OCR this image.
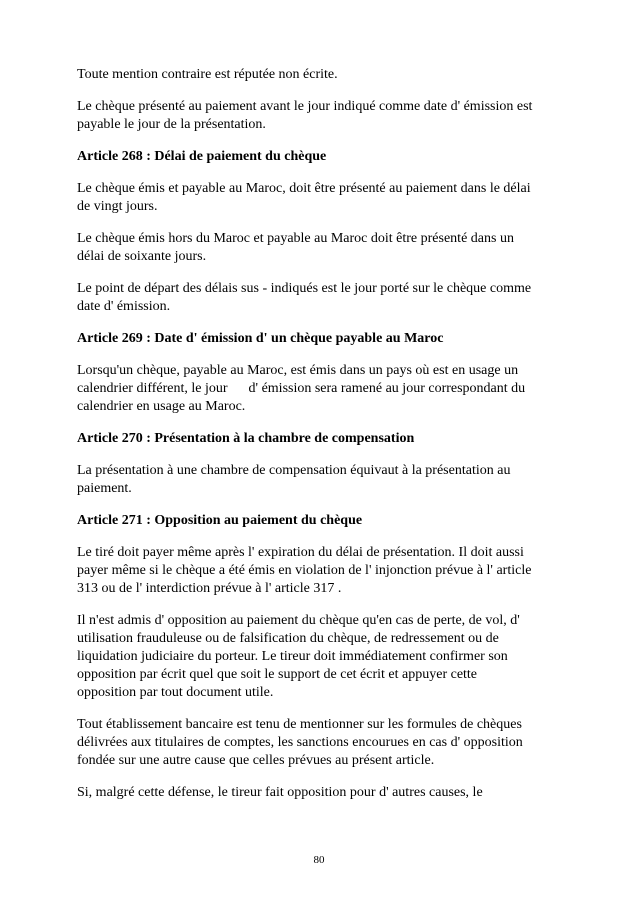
Toute mention contraire est réputée non écrite.

Le chèque présenté au paiement avant le jour indiqué comme date d' émission est
payable le jour de la présentation.

Article 268 : Délai de paiement du chèque

Le chèque émis et payable au Maroc, doit être présenté au paiement dans le délai
de vingt jours.

Le chèque émis hors du Maroc et payable au Maroc doit être présenté dans un
délai de soixante jours.

Le point de départ des délais sus - indiqués est le jour porté sur le chèque comme
date d' émission.

Article 269 : Date d' émission d' un chèque payable au Maroc

Lorsqu'un chèque, payable au Maroc, est émis dans un pays où est en usage un
calendrier différent, le jour      d' émission sera ramené au jour correspondant du
calendrier en usage au Maroc.

Article 270 : Présentation à la chambre de compensation

La présentation à une chambre de compensation équivaut à la présentation au
paiement.

Article 271 : Opposition au paiement du chèque

Le tiré doit payer même après l' expiration du délai de présentation. Il doit aussi
payer même si le chèque a été émis en violation de l' injonction prévue à l' article
313 ou de l' interdiction prévue à l' article 317 .

Il n'est admis d' opposition au paiement du chèque qu'en cas de perte, de vol, d'
utilisation frauduleuse ou de falsification du chèque, de redressement ou de
liquidation judiciaire du porteur. Le tireur doit immédiatement confirmer son
opposition par écrit quel que soit le support de cet écrit et appuyer cette
opposition par tout document utile.

Tout établissement bancaire est tenu de mentionner sur les formules de chèques
délivrées aux titulaires de comptes, les sanctions encourues en cas d' opposition
fondée sur une autre cause que celles prévues au présent article.

Si, malgré cette défense, le tireur fait opposition pour d' autres causes, le

80
